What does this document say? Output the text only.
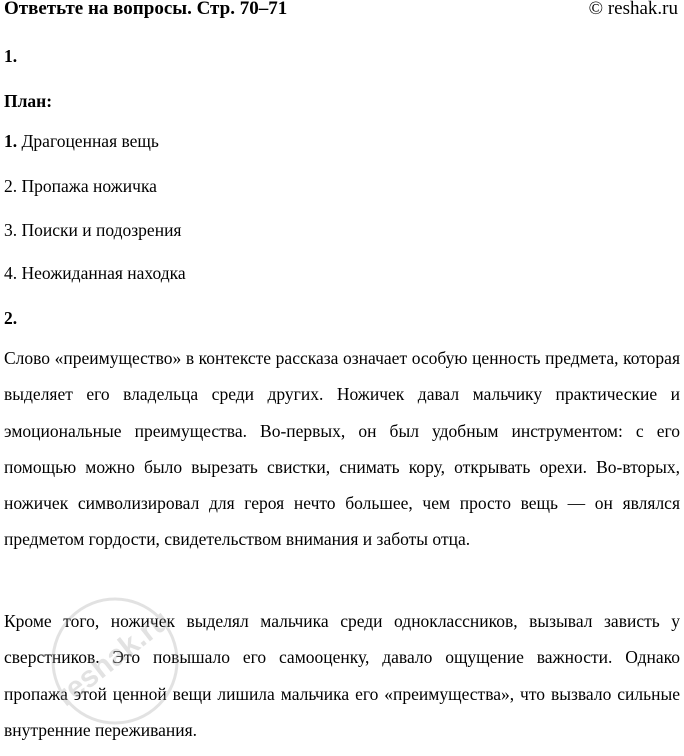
Ответьте на вопросы. Стр. 70–71	© reshak.ru
1.
План:
1. Драгоценная вещь
2. Пропажа ножичка
3. Поиски и подозрения
4. Неожиданная находка
2.
Слово «преимущество» в контексте рассказа означает особую ценность предмета, которая выделяет его владельца среди других. Ножичек давал мальчику практические и эмоциональные преимущества. Во-первых, он был удобным инструментом: с его помощью можно было вырезать свистки, снимать кору, открывать орехи. Во-вторых, ножичек символизировал для героя нечто большее, чем просто вещь — он являлся предметом гордости, свидетельством внимания и заботы отца.
Кроме того, ножичек выделял мальчика среди одноклассников, вызывал зависть у сверстников. Это повышало его самооценку, давало ощущение важности. Однако пропажа этой ценной вещи лишила мальчика его «преимущества», что вызвало сильные внутренние переживания.
reshak.ru
